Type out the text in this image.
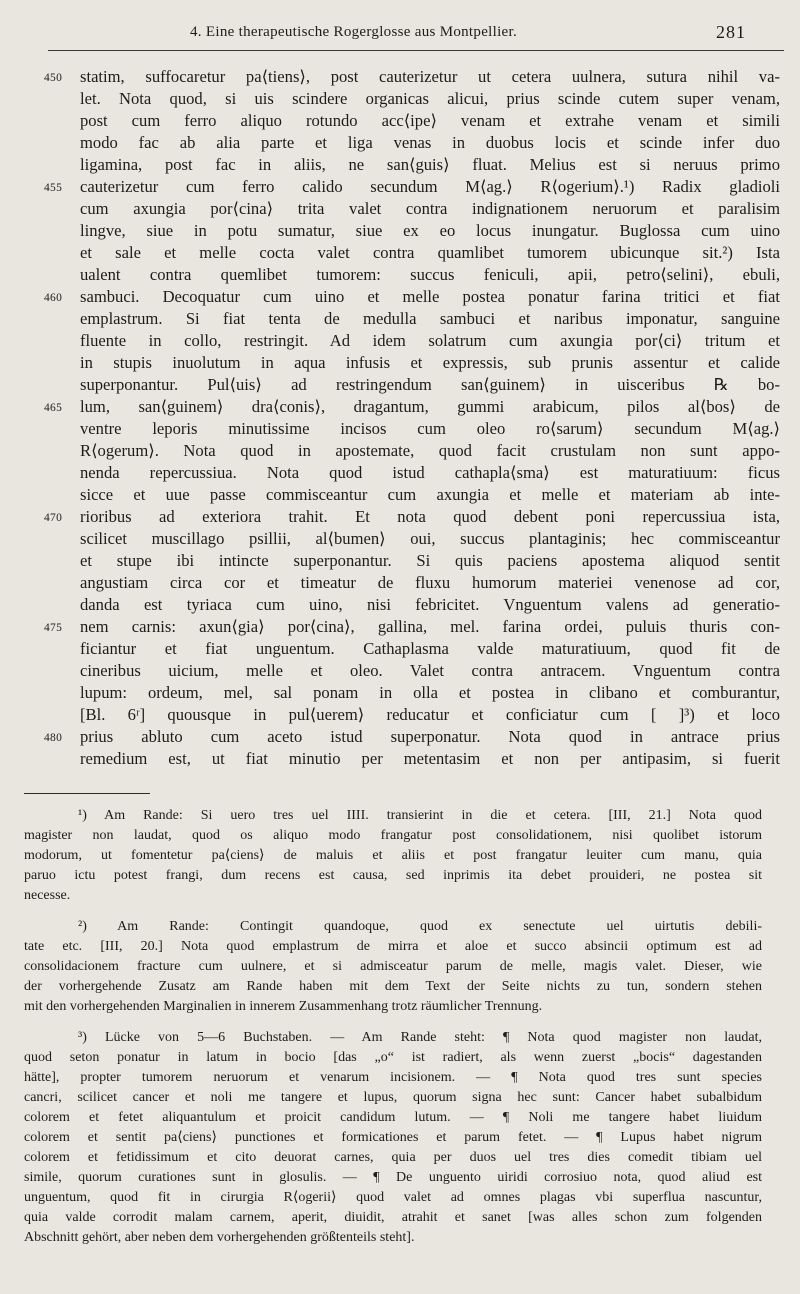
4. Eine therapeutische Rogerglosse aus Montpellier.	281
450	statim, suffocaretur pa⟨tiens⟩, post cauterizetur ut cetera uulnera, sutura nihil va-
let. Nota quod, si uis scindere organicas alicui, prius scinde cutem super venam,
post cum ferro aliquo rotundo acc⟨ipe⟩ venam et extrahe venam et simili
modo fac ab alia parte et liga venas in duobus locis et scinde infer duo
ligamina, post fac in aliis, ne san⟨guis⟩ fluat. Melius est si neruus primo
455	cauterizetur cum ferro calido secundum M⟨ag.⟩ R⟨ogerium⟩.¹) Radix gladioli
cum axungia por⟨cina⟩ trita valet contra indignationem neruorum et paralisim
lingve, siue in potu sumatur, siue ex eo locus inungatur. Buglossa cum uino
et sale et melle cocta valet contra quamlibet tumorem ubicunque sit.²) Ista
ualent contra quemlibet tumorem: succus feniculi, apii, petro⟨selini⟩, ebuli,
460	sambuci. Decoquatur cum uino et melle postea ponatur farina tritici et fiat
emplastrum. Si fiat tenta de medulla sambuci et naribus imponatur, sanguine
fluente in collo, restringit. Ad idem solatrum cum axungia por⟨ci⟩ tritum et
in stupis inuolutum in aqua infusis et expressis, sub prunis assentur et calide
superponantur. Pul⟨uis⟩ ad restringendum san⟨guinem⟩ in uisceribus ℞ bo-
465	lum, san⟨guinem⟩ dra⟨conis⟩, dragantum, gummi arabicum, pilos al⟨bos⟩ de
ventre leporis minutissime incisos cum oleo ro⟨sarum⟩ secundum M⟨ag.⟩
R⟨ogerum⟩. Nota quod in apostemate, quod facit crustulam non sunt appo-
nenda repercussiua. Nota quod istud cathapla⟨sma⟩ est maturatiuum: ficus
sicce et uue passe commisceantur cum axungia et melle et materiam ab inte-
470	rioribus ad exteriora trahit. Et nota quod debent poni repercussiua ista,
scilicet muscillago psillii, al⟨bumen⟩ oui, succus plantaginis; hec commisceantur
et stupe ibi intincte superponantur. Si quis paciens apostema aliquod sentit
angustiam circa cor et timeatur de fluxu humorum materiei venenose ad cor,
danda est tyriaca cum uino, nisi febricitet. Vnguentum valens ad generatio-
475	nem carnis: axun⟨gia⟩ por⟨cina⟩, gallina, mel. farina ordei, puluis thuris con-
ficiantur et fiat unguentum. Cathaplasma valde maturatiuum, quod fit de
cineribus uicium, melle et oleo. Valet contra antracem. Vnguentum contra
lupum: ordeum, mel, sal ponam in olla et postea in clibano et comburantur,
[Bl. 6ʳ] quousque in pul⟨uerem⟩ reducatur et conficiatur cum [ ]³) et loco
480	prius abluto cum aceto istud superponatur. Nota quod in antrace prius
remedium est, ut fiat minutio per metentasim et non per antipasim, si fuerit
¹) Am Rande: Si uero tres uel IIII. transierint in die et cetera. [III, 21.] Nota quod
magister non laudat, quod os aliquo modo frangatur post consolidationem, nisi quolibet istorum
modorum, ut fomentetur pa⟨ciens⟩ de maluis et aliis et post frangatur leuiter cum manu, quia
paruo ictu potest frangi, dum recens est causa, sed inprimis ita debet prouideri, ne postea sit
necesse.
²) Am Rande: Contingit quandoque, quod ex senectute uel uirtutis debili-
tate etc. [III, 20.] Nota quod emplastrum de mirra et aloe et succo absincii optimum est ad
consolidacionem fracture cum uulnere, et si admisceatur parum de melle, magis valet. Dieser, wie
der vorhergehende Zusatz am Rande haben mit dem Text der Seite nichts zu tun, sondern stehen
mit den vorhergehenden Marginalien in innerem Zusammenhang trotz räumlicher Trennung.
³) Lücke von 5—6 Buchstaben. — Am Rande steht: ¶ Nota quod magister non laudat,
quod seton ponatur in latum in bocio [das „o“ ist radiert, als wenn zuerst „bocis“ dagestanden
hätte], propter tumorem neruorum et venarum incisionem. — ¶ Nota quod tres sunt species
cancri, scilicet cancer et noli me tangere et lupus, quorum signa hec sunt: Cancer habet subalbidum
colorem et fetet aliquantulum et proicit candidum lutum. — ¶ Noli me tangere habet liuidum
colorem et sentit pa⟨ciens⟩ punctiones et formicationes et parum fetet. — ¶ Lupus habet nigrum
colorem et fetidissimum et cito deuorat carnes, quia per duos uel tres dies comedit tibiam uel
simile, quorum curationes sunt in glosulis. — ¶ De unguento uiridi corrosiuo nota, quod aliud est
unguentum, quod fit in cirurgia R⟨ogerii⟩ quod valet ad omnes plagas vbi superflua nascuntur,
quia valde corrodit malam carnem, aperit, diuidit, atrahit et sanet [was alles schon zum folgenden
Abschnitt gehört, aber neben dem vorhergehenden größtenteils steht].
